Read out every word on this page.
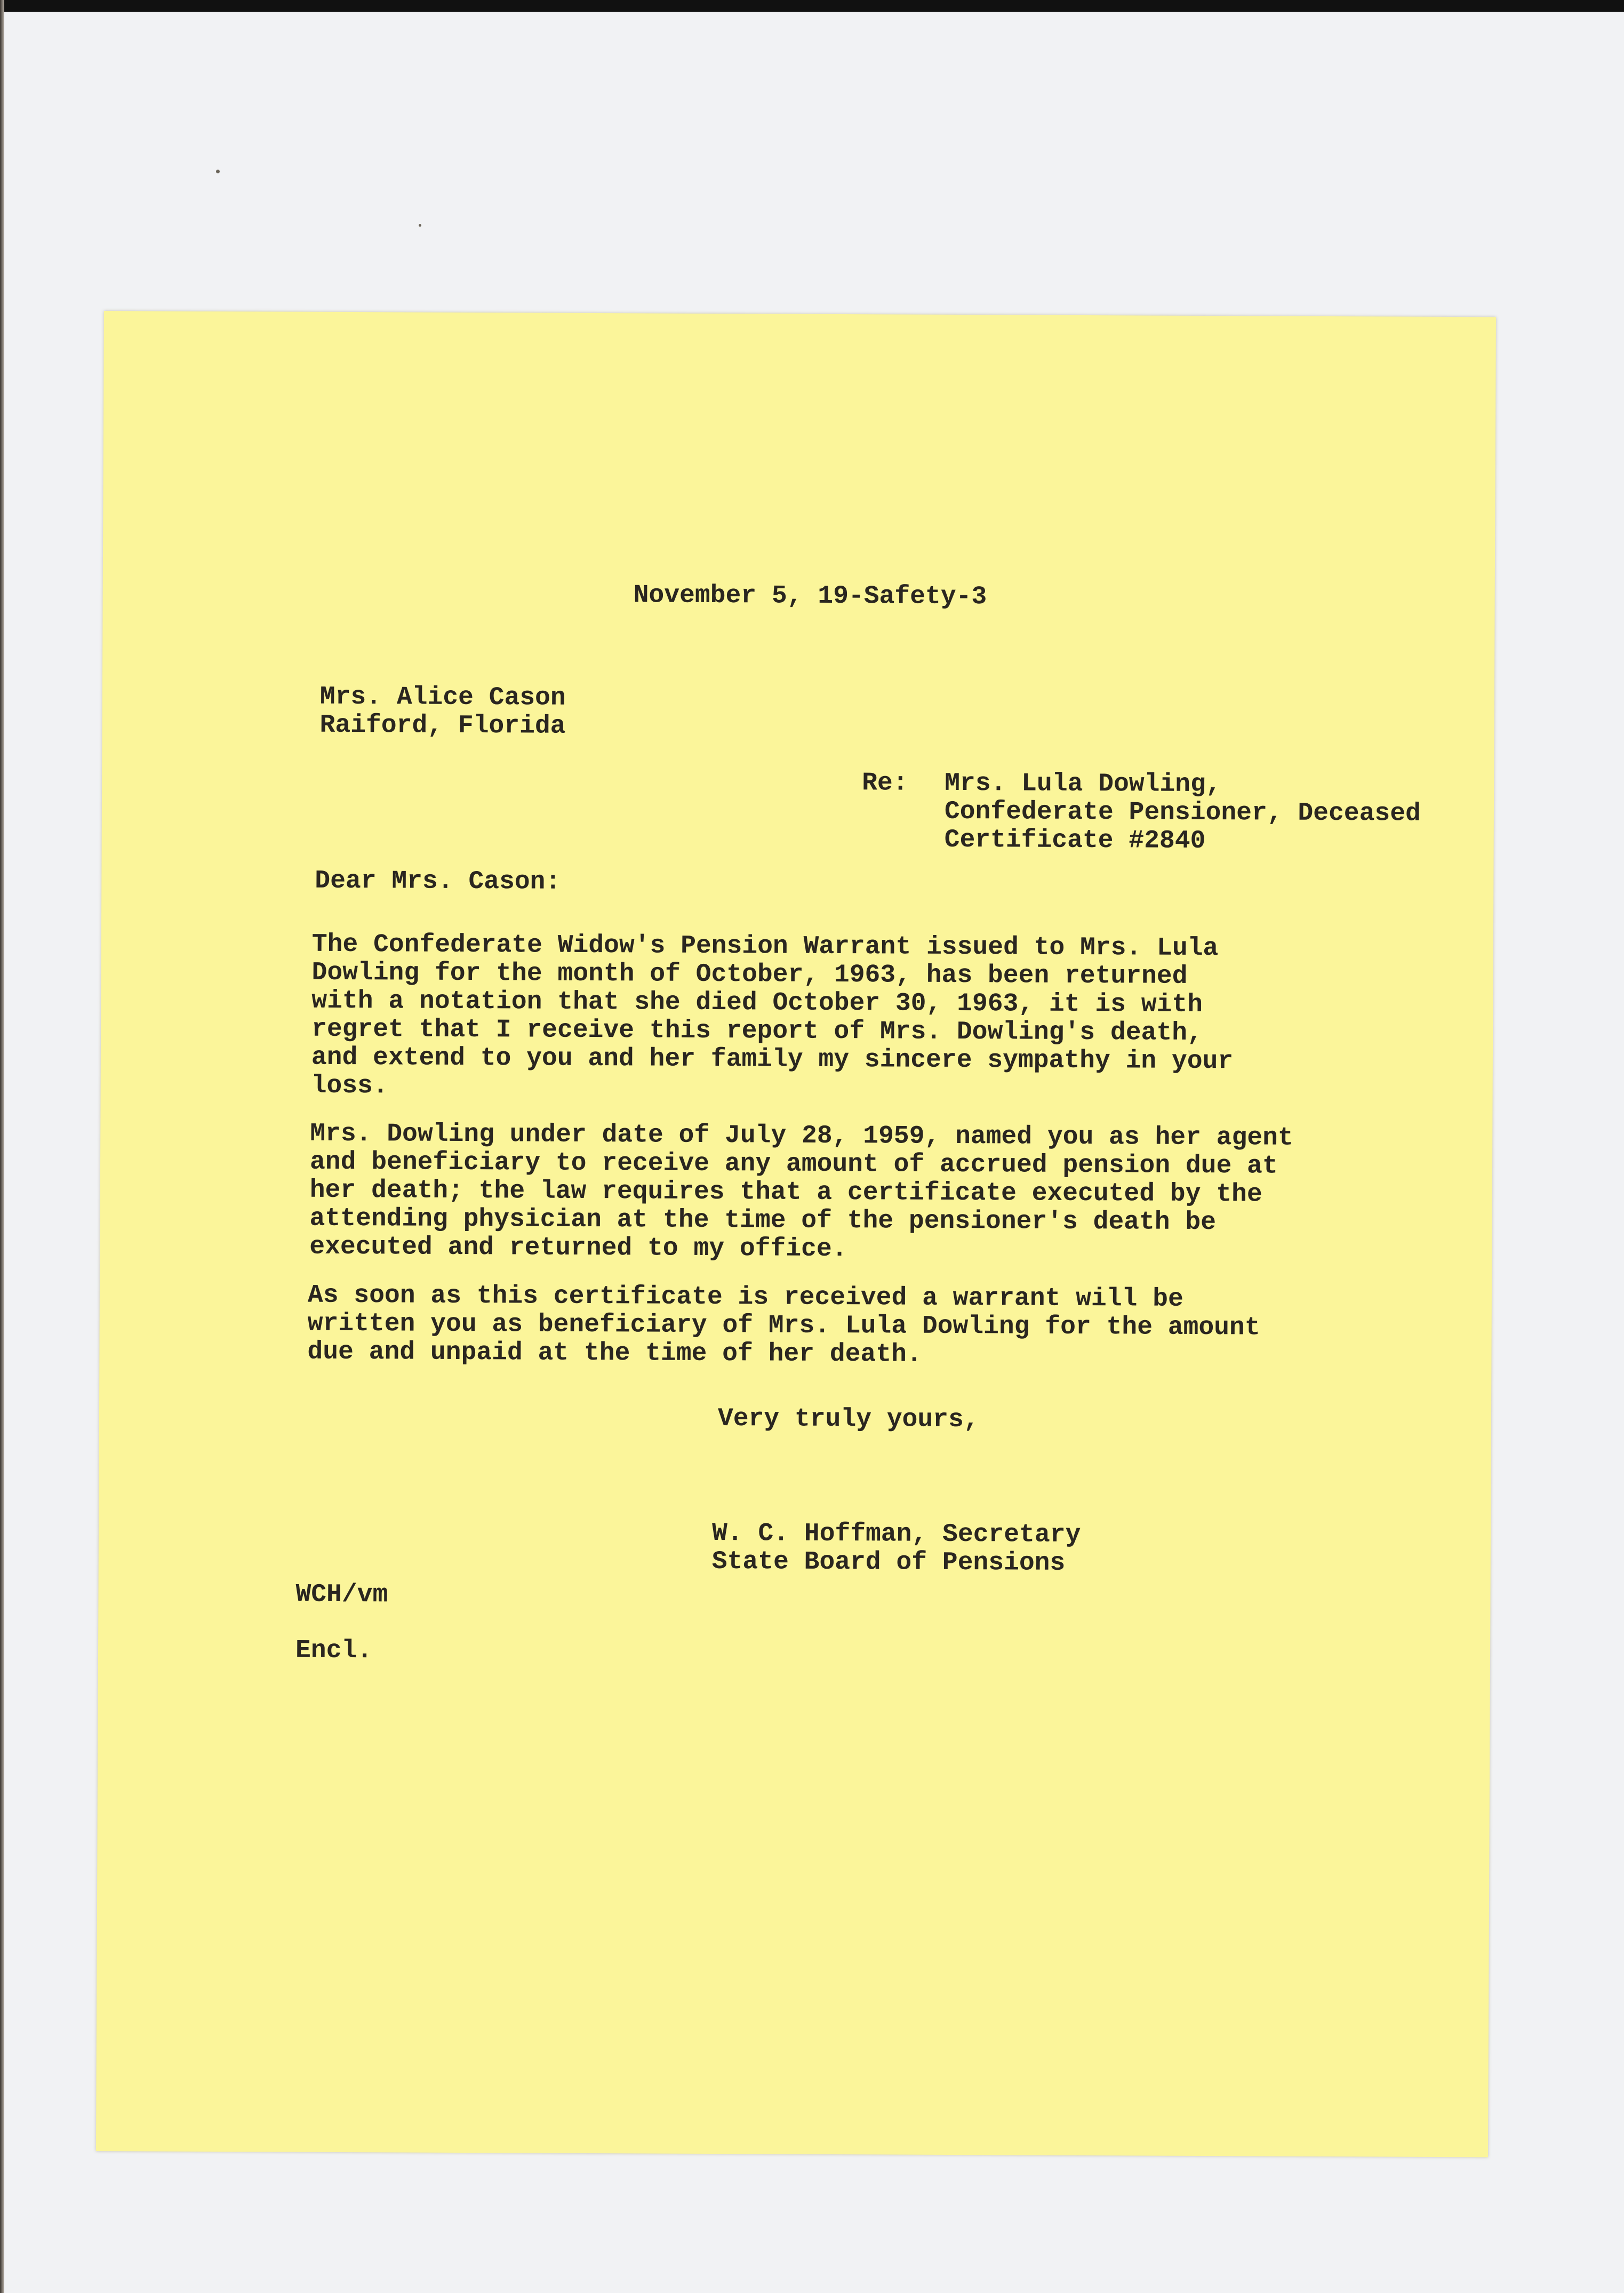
November 5, 19-Safety-3
Mrs. Alice Cason
Raiford, Florida
Re: Mrs. Lula Dowling,
Confederate Pensioner, Deceased
Certificate #2840
Dear Mrs. Cason:
The Confederate Widow's Pension Warrant issued to Mrs. Lula
Dowling for the month of October, 1963, has been returned
with a notation that she died October 30, 1963, it is with
regret that I receive this report of Mrs. Dowling's death,
and extend to you and her family my sincere sympathy in your
loss.
Mrs. Dowling under date of July 28, 1959, named you as her agent
and beneficiary to receive any amount of accrued pension due at
her death; the law requires that a certificate executed by the
attending physician at the time of the pensioner's death be
executed and returned to my office.
As soon as this certificate is received a warrant will be
written you as beneficiary of Mrs. Lula Dowling for the amount
due and unpaid at the time of her death.
Very truly yours,
W. C. Hoffman, Secretary
State Board of Pensions
WCH/vm
Encl.
